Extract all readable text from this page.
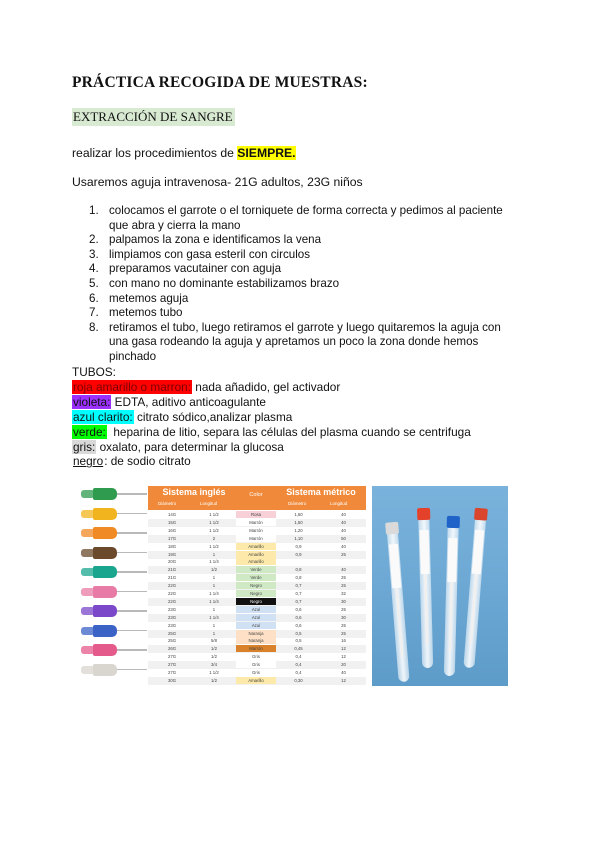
PRÁCTICA RECOGIDA DE MUESTRAS:
EXTRACCIÓN DE SANGRE
realizar los procedimientos de SIEMPRE.
Usaremos aguja intravenosa- 21G adultos, 23G niños
1. colocamos el garrote o el torniquete de forma correcta y pedimos al paciente que abra y cierra la mano
2. palpamos la zona e identificamos la vena
3. limpiamos con gasa esteril con circulos
4. preparamos vacutainer con aguja
5. con mano no dominante estabilizamos brazo
6. metemos aguja
7. metemos tubo
8. retiramos el tubo, luego retiramos el garrote y luego quitaremos la aguja con una gasa rodeando la aguja y apretamos un poco la zona donde hemos pinchado
TUBOS:
roja amarillo o marron: nada añadido, gel activador
violeta: EDTA, aditivo anticoagulante
azul clarito: citrato sódico,analizar plasma
verde:  heparina de litio, separa las células del plasma cuando se centrifuga
gris: oxalato, para determinar la glucosa
negro: de sodio citrato
Sistema inglés	Color	Sistema métrico
Diámetro	Longitud	Diámetro	Longitud
14G	1 1/2	Rosa	1,60	40
15G	1 1/2	Marrón	1,50	40
16G	1 1/2	Marrón	1,20	40
17G	2	Marrón	1,10	50
18G	1 1/2	Amarillo	0,9	40
19G	1	Amarillo	0,9	25
20G	1 1/4	Amarillo
21G	1/2	Verde	0,8	40
21G	1	Verde	0,8	25
22G	1	Negro	0,7	25
22G	1 1/4	Negro	0,7	32
22G	1 1/4	Negro	0,7	30
23G	1	Azul	0,6	25
23G	1 1/4	Azul	0,6	30
23G	1	Azul	0,6	25
25G	1	Naranja	0,5	25
25G	5/8	Naranja	0,5	16
26G	1/2	Marrón	0,45	12
27G	1/2	Gris	0,4	12
27G	3/4	Gris	0,4	20
27G	1 1/2	Gris	0,4	40
30G	1/2	Amarillo	0,30	12
